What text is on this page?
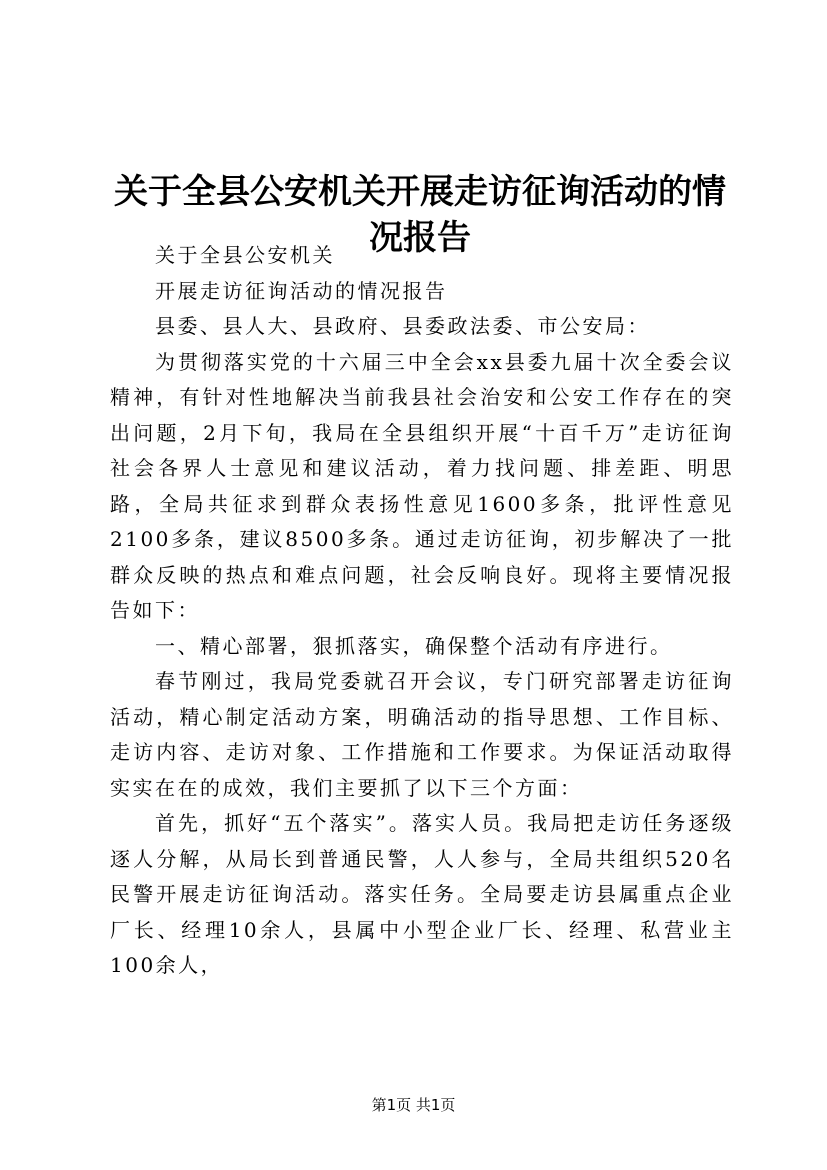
关于全县公安机关开展走访征询活动的情况报告

关于全县公安机关

开展走访征询活动的情况报告

县委、县人大、县政府、县委政法委、市公安局：

为贯彻落实党的十六届三中全会xx县委九届十次全委会议精神，有针对性地解决当前我县社会治安和公安工作存在的突出问题，2月下旬，我局在全县组织开展“十百千万”走访征询社会各界人士意见和建议活动，着力找问题、排差距、明思路，全局共征求到群众表扬性意见1600多条，批评性意见2100多条，建议8500多条。通过走访征询，初步解决了一批群众反映的热点和难点问题，社会反响良好。现将主要情况报告如下：

一、精心部署，狠抓落实，确保整个活动有序进行。

春节刚过，我局党委就召开会议，专门研究部署走访征询活动，精心制定活动方案，明确活动的指导思想、工作目标、走访内容、走访对象、工作措施和工作要求。为保证活动取得实实在在的成效，我们主要抓了以下三个方面：

首先，抓好“五个落实”。落实人员。我局把走访任务逐级逐人分解，从局长到普通民警，人人参与，全局共组织520名民警开展走访征询活动。落实任务。全局要走访县属重点企业厂长、经理10余人，县属中小型企业厂长、经理、私营业主100余人，

第1页 共1页
